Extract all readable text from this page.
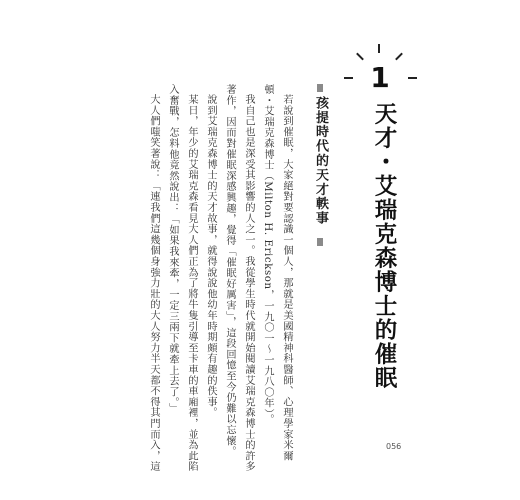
1
天才・艾瑞克森博士的催眠
孩提時代的天才軼事

若說到催眠，大家絕對要認識一個人，那就是美國精神科醫師、心理學家米爾
頓・艾瑞克森博士（Milton H. Erickson，一九〇一～一九八〇年）。

我自己也是深受其影響的人之一。我從學生時代就開始閱讀艾瑞克森博士的許多
著作，因而對催眠深感興趣，覺得「催眠好厲害」，這段回憶至今仍難以忘懷。

說到艾瑞克森博士的天才故事，就得說說他幼年時期頗有趣的佚事。

某日，年少的艾瑞克森看見大人們正為了將牛隻引導至卡車的車廂裡，並為此陷
入奮戰，怎料他竟然說出：「如果我來牽，一定三兩下就牽上去了。」

大人們嗤笑著說：「連我們這幾個身強力壯的大人努力半天都不得其門而入，這	056
